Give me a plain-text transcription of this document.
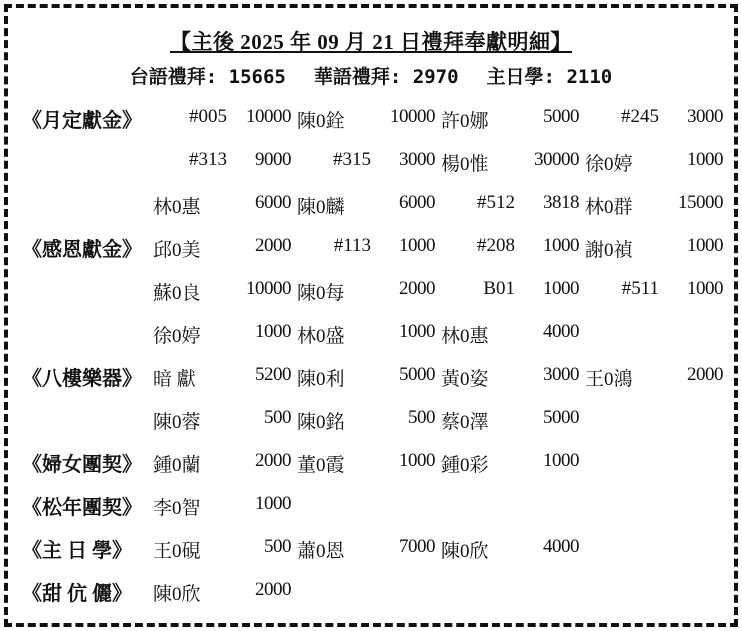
【主後 2025 年 09 月 21 日禮拜奉獻明細】
台語禮拜: 15665 華語禮拜: 2970 主日學: 2110
《月定獻金》	#005 10000 陳0銓 10000 許0娜	5000 #245 3000
#313 9000 #315 3000 楊0惟 30000 徐0婷	1000
林0惠	6000 陳0麟	6000 #512 3818 林0群 15000
《感恩獻金》 邱0美	2000 #113 1000 #208 1000 謝0禎	1000
蘇0良 10000 陳0每	2000	B01 1000 #511 1000
徐0婷	1000 林0盛	1000 林0惠	4000
《八樓樂器》 暗 獻	5200 陳0利	5000 黃0姿	3000 王0鴻	2000
陳0蓉	500 陳0銘	500 蔡0澤	5000
《婦女團契》 鍾0蘭	2000 董0霞	1000 鍾0彩	1000
《松年團契》 李0智	1000
《主 日 學》	王0硯	500 蕭0恩	7000 陳0欣	4000
《甜 伉 儷》	陳0欣	2000
